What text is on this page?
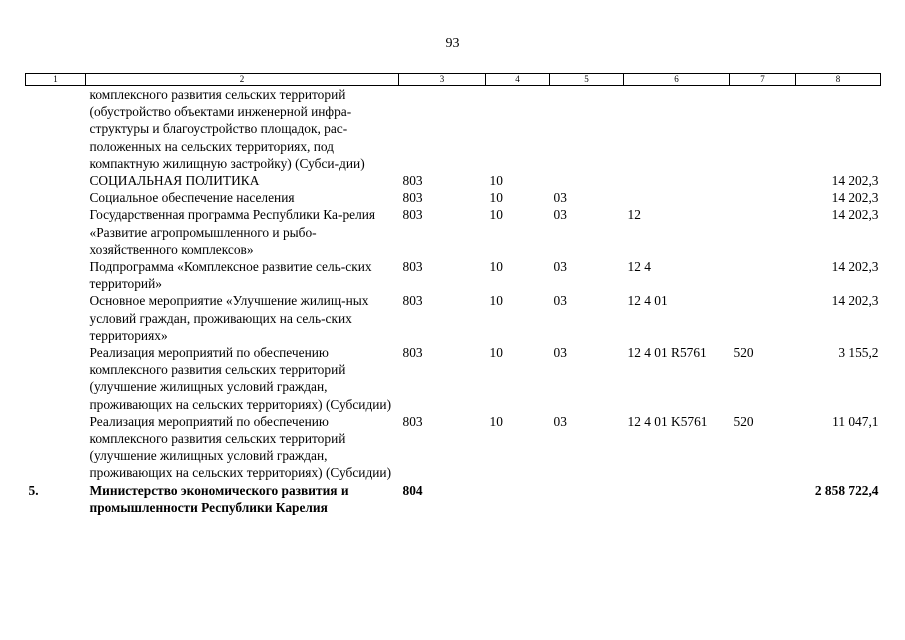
93
1	2	3	4	5	6	7	8
	комплексного развития сельских территорий (обустройство объектами инженерной инфра-структуры и благоустройство площадок, рас-положенных на сельских территориях, под компактную жилищную застройку) (Субси-дии)						
	СОЦИАЛЬНАЯ ПОЛИТИКА	803	10				14 202,3
	Социальное обеспечение населения	803	10	03			14 202,3
	Государственная программа Республики Ка-релия «Развитие агропромышленного и рыбо-хозяйственного комплексов»	803	10	03	12		14 202,3
	Подпрограмма «Комплексное развитие сель-ских территорий»	803	10	03	12 4		14 202,3
	Основное мероприятие «Улучшение жилищ-ных условий граждан, проживающих на сель-ских территориях»	803	10	03	12 4 01		14 202,3
	Реализация мероприятий по обеспечению комплексного развития сельских территорий (улучшение жилищных условий граждан, проживающих на сельских территориях) (Субсидии)	803	10	03	12 4 01 R5761	520	3 155,2
	Реализация мероприятий по обеспечению комплексного развития сельских территорий (улучшение жилищных условий граждан, проживающих на сельских территориях) (Субсидии)	803	10	03	12 4 01 K5761	520	11 047,1
5.	Министерство экономического развития и промышленности Республики Карелия	804					2 858 722,4
